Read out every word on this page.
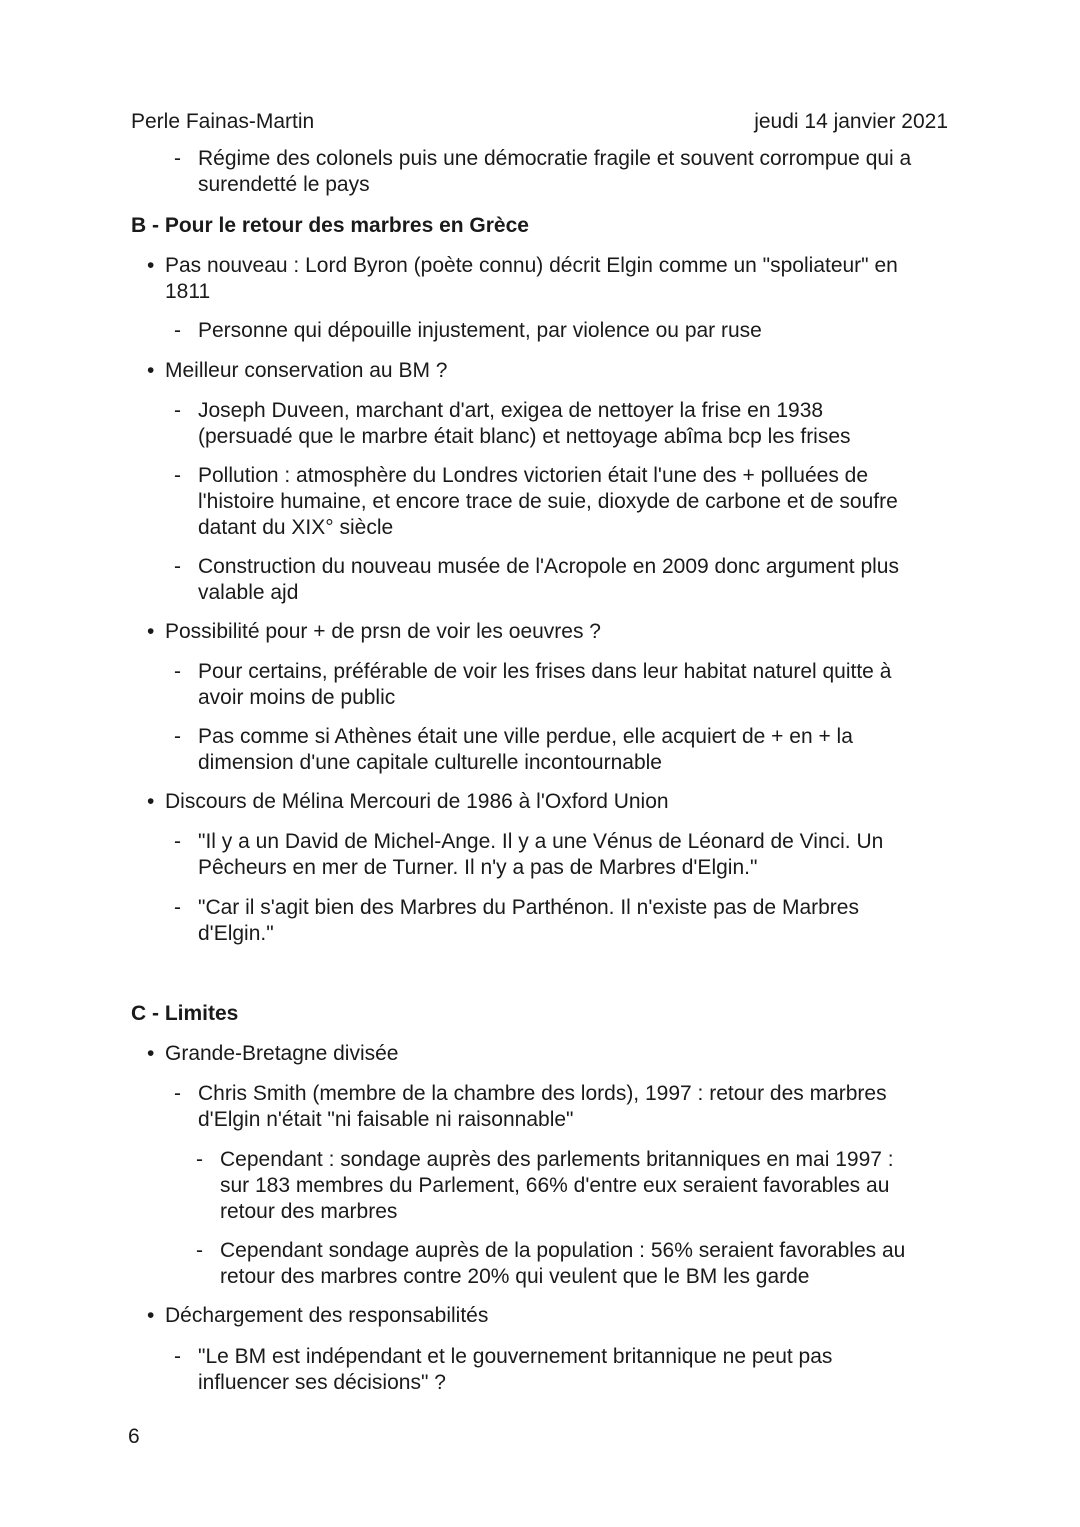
Perle Fainas-Martin	jeudi 14 janvier 2021
- Régime des colonels puis une démocratie fragile et souvent corrompue qui a
surendetté le pays
B - Pour le retour des marbres en Grèce
• Pas nouveau : Lord Byron (poète connu) décrit Elgin comme un "spoliateur" en
1811
- Personne qui dépouille injustement, par violence ou par ruse
• Meilleur conservation au BM ?
- Joseph Duveen, marchant d'art, exigea de nettoyer la frise en 1938
(persuadé que le marbre était blanc) et nettoyage abîma bcp les frises
- Pollution : atmosphère du Londres victorien était l'une des + polluées de
l'histoire humaine, et encore trace de suie, dioxyde de carbone et de soufre
datant du XIX° siècle
- Construction du nouveau musée de l'Acropole en 2009 donc argument plus
valable ajd
• Possibilité pour + de prsn de voir les oeuvres ?
- Pour certains, préférable de voir les frises dans leur habitat naturel quitte à
avoir moins de public
- Pas comme si Athènes était une ville perdue, elle acquiert de + en + la
dimension d'une capitale culturelle incontournable
• Discours de Mélina Mercouri de 1986 à l'Oxford Union
- "Il y a un David de Michel-Ange. Il y a une Vénus de Léonard de Vinci. Un
Pêcheurs en mer de Turner. Il n'y a pas de Marbres d'Elgin."
- "Car il s'agit bien des Marbres du Parthénon. Il n'existe pas de Marbres
d'Elgin."
C - Limites
• Grande-Bretagne divisée
- Chris Smith (membre de la chambre des lords), 1997 : retour des marbres
d'Elgin n'était "ni faisable ni raisonnable"
- Cependant : sondage auprès des parlements britanniques en mai 1997 :
sur 183 membres du Parlement, 66% d'entre eux seraient favorables au
retour des marbres
- Cependant sondage auprès de la population : 56% seraient favorables au
retour des marbres contre 20% qui veulent que le BM les garde
• Déchargement des responsabilités
- "Le BM est indépendant et le gouvernement britannique ne peut pas
influencer ses décisions" ?
6
